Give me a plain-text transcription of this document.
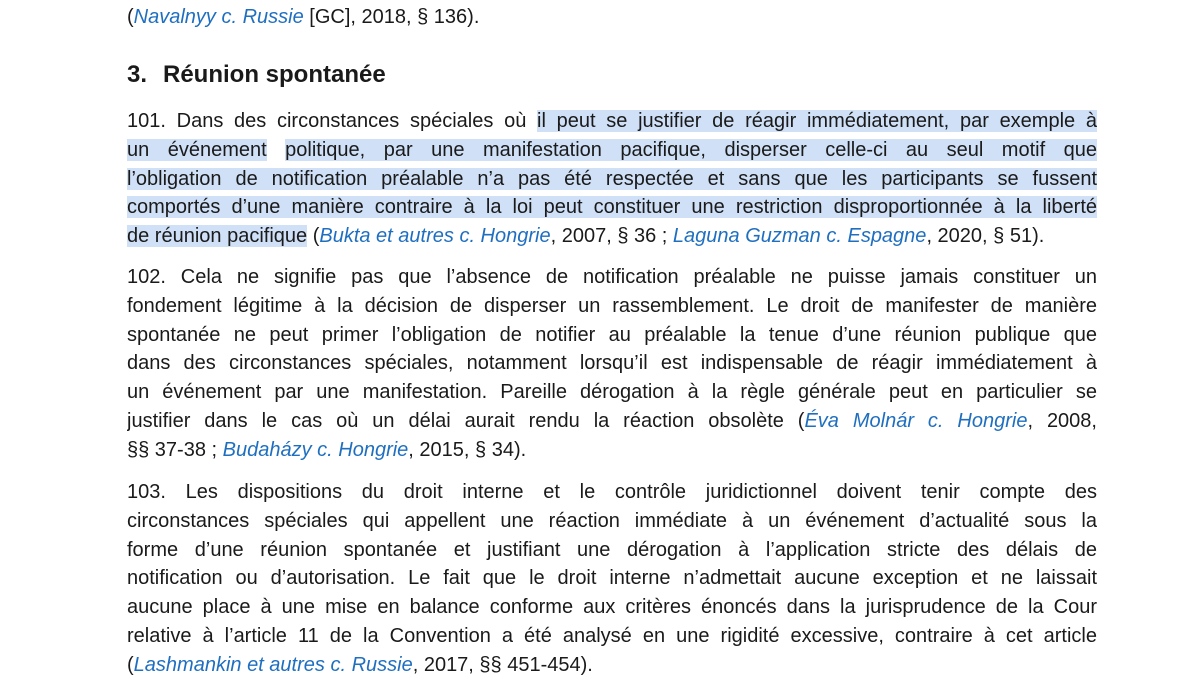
(Navalnyy c. Russie [GC], 2018, § 136).
3. Réunion spontanée
101. Dans des circonstances spéciales où il peut se justifier de réagir immédiatement, par exemple à
un événement politique, par une manifestation pacifique, disperser celle-ci au seul motif que
l’obligation de notification préalable n’a pas été respectée et sans que les participants se fussent
comportés d’une manière contraire à la loi peut constituer une restriction disproportionnée à la liberté
de réunion pacifique (Bukta et autres c. Hongrie, 2007, § 36 ; Laguna Guzman c. Espagne, 2020, § 51).
102. Cela ne signifie pas que l’absence de notification préalable ne puisse jamais constituer un
fondement légitime à la décision de disperser un rassemblement. Le droit de manifester de manière
spontanée ne peut primer l’obligation de notifier au préalable la tenue d’une réunion publique que
dans des circonstances spéciales, notamment lorsqu’il est indispensable de réagir immédiatement à
un événement par une manifestation. Pareille dérogation à la règle générale peut en particulier se
justifier dans le cas où un délai aurait rendu la réaction obsolète (Éva Molnár c. Hongrie, 2008,
§§ 37-38 ; Budaházy c. Hongrie, 2015, § 34).
103. Les dispositions du droit interne et le contrôle juridictionnel doivent tenir compte des
circonstances spéciales qui appellent une réaction immédiate à un événement d’actualité sous la
forme d’une réunion spontanée et justifiant une dérogation à l’application stricte des délais de
notification ou d’autorisation. Le fait que le droit interne n’admettait aucune exception et ne laissait
aucune place à une mise en balance conforme aux critères énoncés dans la jurisprudence de la Cour
relative à l’article 11 de la Convention a été analysé en une rigidité excessive, contraire à cet article
(Lashmankin et autres c. Russie, 2017, §§ 451-454).
